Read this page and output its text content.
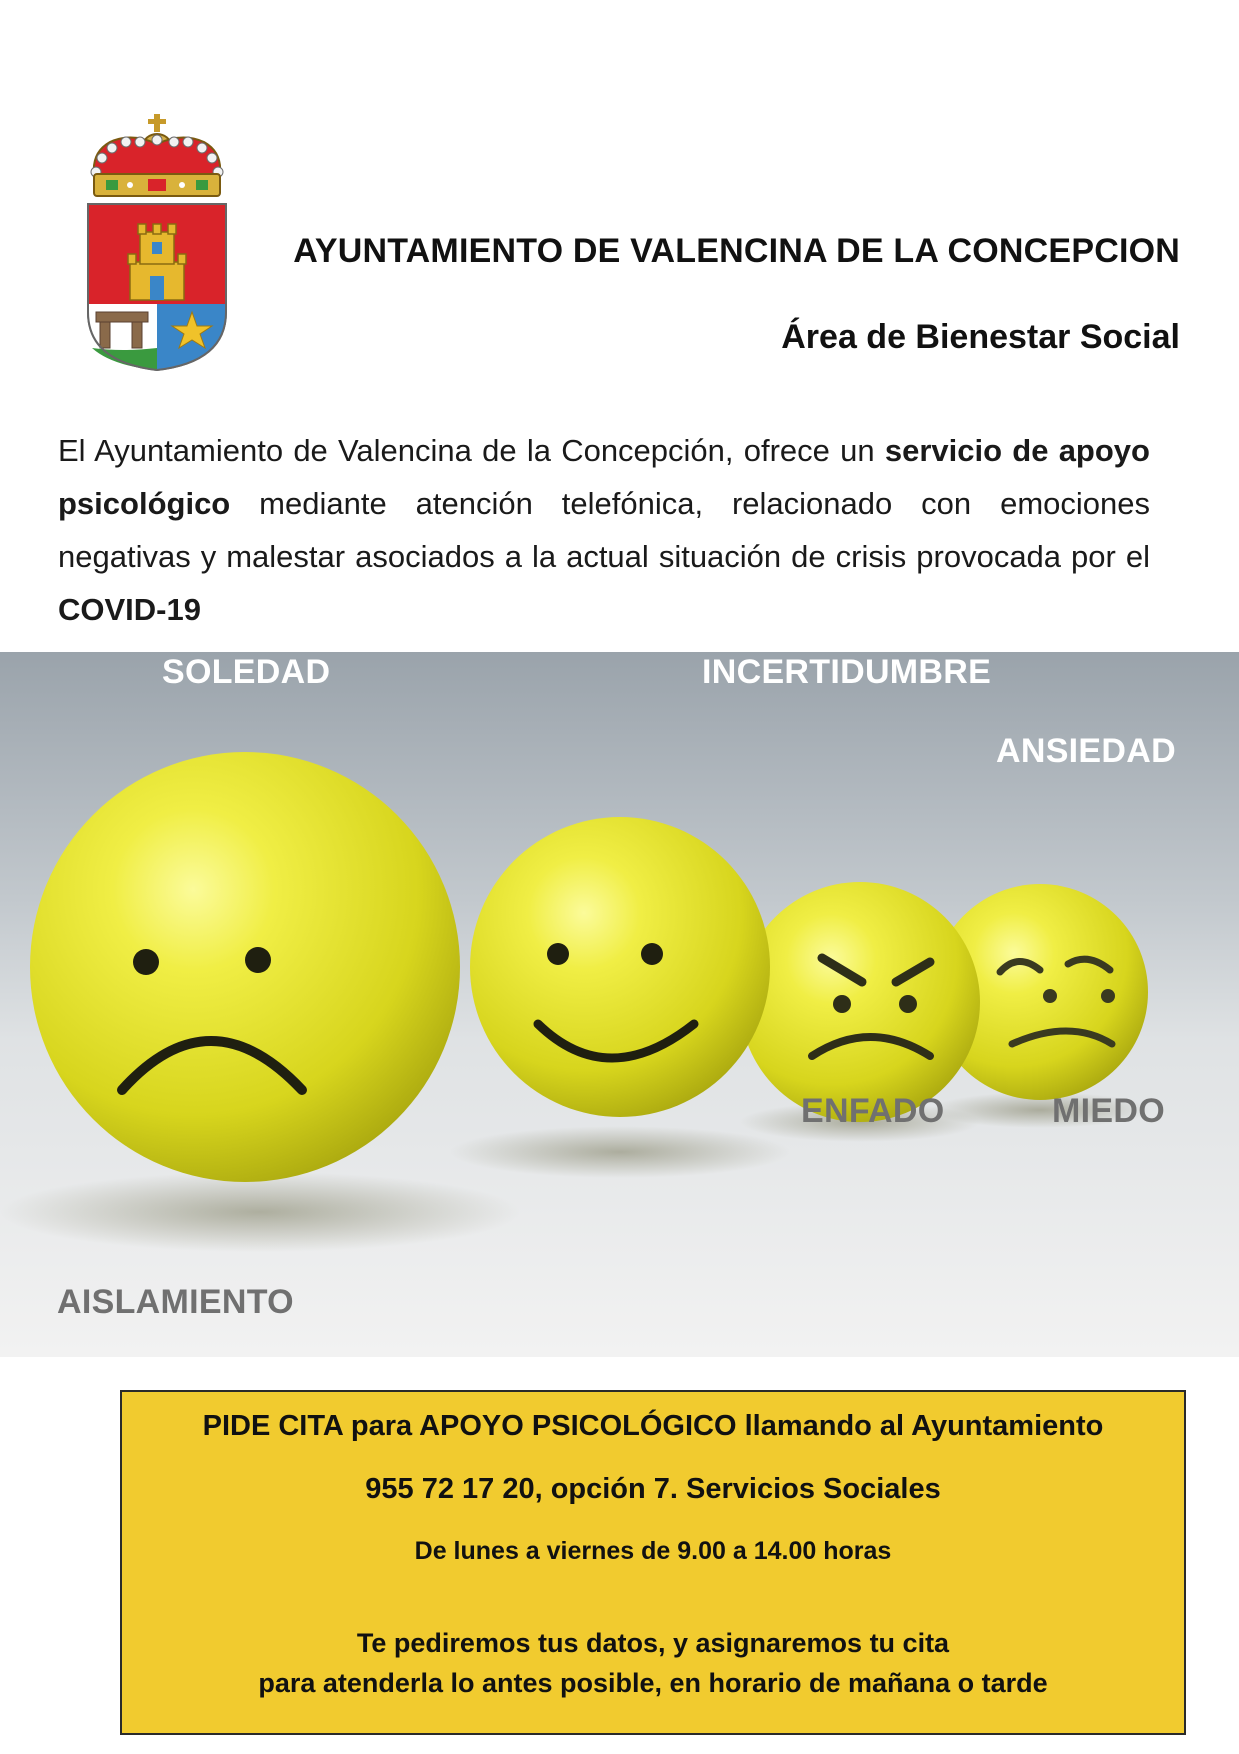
AYUNTAMIENTO DE VALENCINA DE LA CONCEPCION
Área de Bienestar Social
El Ayuntamiento de Valencina de la Concepción, ofrece un servicio de apoyo psicológico mediante atención telefónica, relacionado con emociones negativas y malestar asociados a la actual situación de crisis provocada por el COVID-19
SOLEDAD	INCERTIDUMBRE
ANSIEDAD
ENFADO	MIEDO
AISLAMIENTO
PIDE CITA para APOYO PSICOLÓGICO llamando al Ayuntamiento
955 72 17 20, opción 7. Servicios Sociales
De lunes a viernes de 9.00 a 14.00 horas
Te pediremos tus datos, y asignaremos tu cita
para atenderla lo antes posible, en horario de mañana o tarde
